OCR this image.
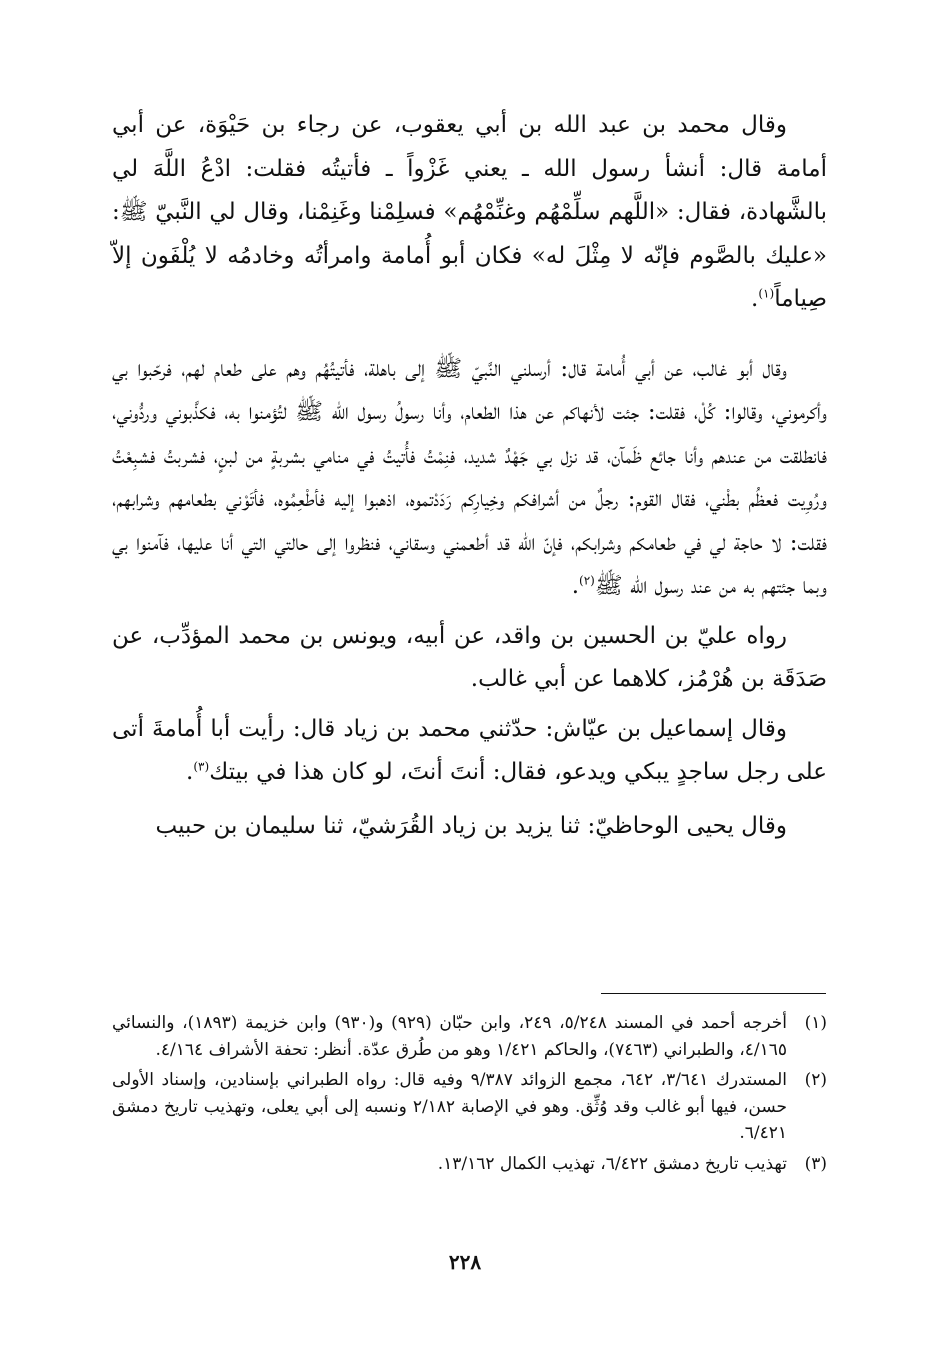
وقال محمد بن عبد الله بن أبي يعقوب، عن رجاء بن حَيْوَة، عن أبي أمامة قال: أنشأ رسول الله ـ يعني غَزْواً ـ فأتيتُه فقلت: ادْعُ اللَّهَ لي بالشَّهادة، فقال: «اللَّهم سلِّمْهُم وغنِّمْهُم» فسلِمْنا وغَنِمْنا، وقال لي النَّبيّ ﷺ: «عليك بالصَّوم فإنّه لا مِثْلَ له» فكان أبو أُمامة وامرأتُه وخادمُه لا يُلْفَون إلاّ صِياماً$^{(١)}$.

وقال أبو غالب، عن أبي أُمامة قال: أرسلني النَّبيّ ﷺ إلى باهلة، فأتيتُهُم وهم على طعام لهم، فرحّبوا بي وأكرموني، وقالوا: كُلْ، فقلت: جئت لأنهاكم عن هذا الطعام، وأنا رسولُ رسول الله ﷺ لتُؤمنوا به، فكذَّبوني وردُّوني، فانطلقت من عندهم وأنا جائع ظَمآن، قد نزل بي جَهْدٌ شديد، فنِمْتُ فأُتيتُ في منامي بشربةٍ من لبنٍ، فشربتُ فشبِعْتُ ورُوِيت فعظُم بطْني، فقال القوم: رجلٌ من أشرافكم وخِيارِكم رَدَدْتموه، اذهبوا إليه فأطْعِمُوه، فأتَوْني بطعامهم وشرابهم، فقلت: لا حاجة لي في طعامكم وشرابكم، فإنّ الله قد أطعمني وسقاني، فنظروا إلى حالتي التي أنا عليها، فآمنوا بي وبما جئتهم به من عند رسول الله ﷺ$^{(٢)}$.

رواه عليّ بن الحسين بن واقد، عن أبيه، ويونس بن محمد المؤدِّب، عن صَدَقَة بن هُرْمُز، كلاهما عن أبي غالب.

وقال إسماعيل بن عيّاش: حدّثني محمد بن زياد قال: رأيت أبا أُمامةَ أتى على رجل ساجدٍ يبكي ويدعو، فقال: أنتَ أنتَ، لو كان هذا في بيتك$^{(٣)}$.

وقال يحيى الوحاظيّ: ثنا يزيد بن زياد القُرَشيّ، ثنا سليمان بن حبيب

(١)
أخرجه أحمد في المسند ٥/٢٤٨، ٢٤٩، وابن حبّان (٩٢٩) و(٩٣٠) وابن خزيمة (١٨٩٣)، والنسائي ٤/١٦٥، والطبراني (٧٤٦٣)، والحاكم ١/٤٢١ وهو من طُرق عدّة. أنظر: تحفة الأشراف ٤/١٦٤.
(٢)
المستدرك ٣/٦٤١، ٦٤٢، مجمع الزوائد ٩/٣٨٧ وفيه قال: رواه الطبراني بإسنادين، وإسناد الأولى حسن، فيها أبو غالب وقد وُثِّق. وهو في الإصابة ٢/١٨٢ ونسبه إلى أبي يعلى، وتهذيب تاريخ دمشق ٦/٤٢١.
(٣)
تهذيب تاريخ دمشق ٦/٤٢٢، تهذيب الكمال ١٣/١٦٢.
٢٢٨
